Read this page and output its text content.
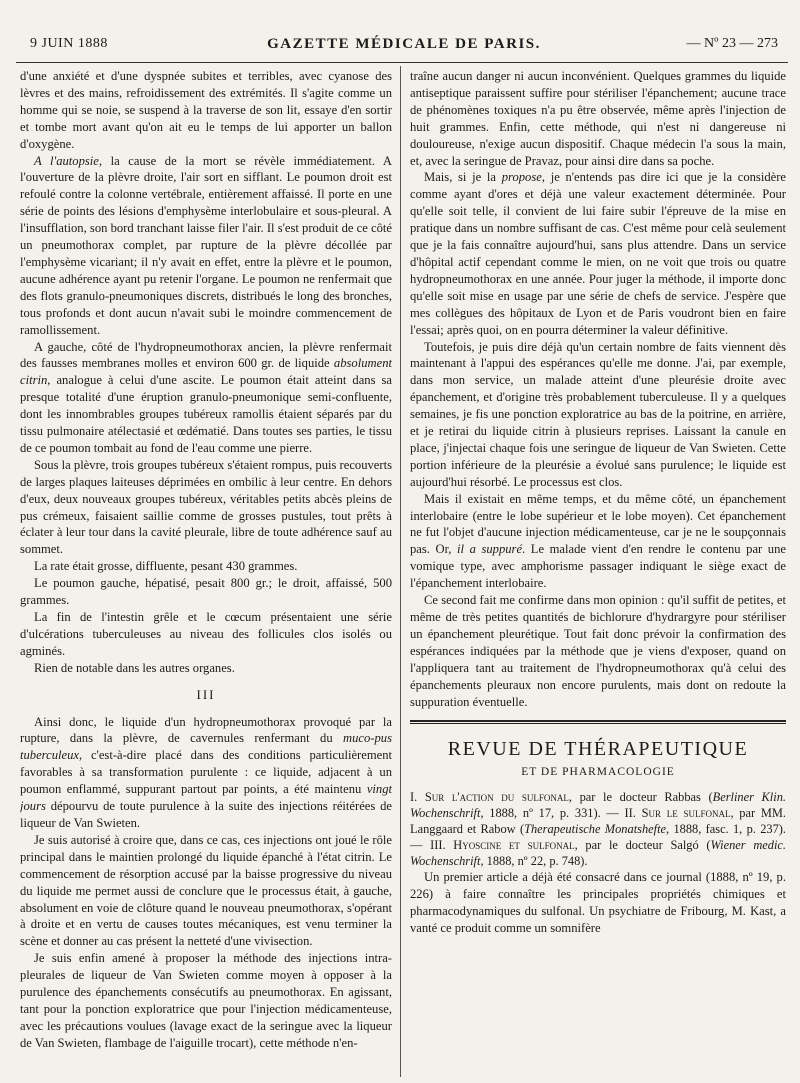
9 JUIN 1888	GAZETTE MÉDICALE DE PARIS.	— Nº 23 — 273

d'une anxiété et d'une dyspnée subites et terribles, avec cyanose des lèvres et des mains, refroidissement des extrémités. Il s'agite comme un homme qui se noie, se suspend à la traverse de son lit, essaye d'en sortir et tombe mort avant qu'on ait eu le temps de lui apporter un ballon d'oxygène.

A l'autopsie, la cause de la mort se révèle immédiatement. A l'ouverture de la plèvre droite, l'air sort en sifflant. Le poumon droit est refoulé contre la colonne vertébrale, entièrement affaissé. Il porte en une série de points des lésions d'emphysème interlobulaire et sous-pleural. A l'insufflation, son bord tranchant laisse filer l'air. Il s'est produit de ce côté un pneumothorax complet, par rupture de la plèvre décollée par l'emphysème vicariant; il n'y avait en effet, entre la plèvre et le poumon, aucune adhérence ayant pu retenir l'organe. Le poumon ne renfermait que des flots granulo-pneumoniques discrets, distribués le long des bronches, tous profonds et dont aucun n'avait subi le moindre commencement de ramollissement.

A gauche, côté de l'hydropneumothorax ancien, la plèvre renfermait des fausses membranes molles et environ 600 gr. de liquide absolument citrin, analogue à celui d'une ascite. Le poumon était atteint dans sa presque totalité d'une éruption granulo-pneumonique semi-confluente, dont les innombrables groupes tubéreux ramollis étaient séparés par du tissu pulmonaire atélectasié et œdématié. Dans toutes ses parties, le tissu de ce poumon tombait au fond de l'eau comme une pierre.

Sous la plèvre, trois groupes tubéreux s'étaient rompus, puis recouverts de larges plaques laiteuses déprimées en ombilic à leur centre. En dehors d'eux, deux nouveaux groupes tubéreux, véritables petits abcès pleins de pus crémeux, faisaient saillie comme de grosses pustules, tout prêts à éclater à leur tour dans la cavité pleurale, libre de toute adhérence sauf au sommet.

La rate était grosse, diffluente, pesant 430 grammes.

Le poumon gauche, hépatisé, pesait 800 gr.; le droit, affaissé, 500 grammes.

La fin de l'intestin grêle et le cœcum présentaient une série d'ulcérations tuberculeuses au niveau des follicules clos isolés ou agminés.

Rien de notable dans les autres organes.

III

Ainsi donc, le liquide d'un hydropneumothorax provoqué par la rupture, dans la plèvre, de cavernules renfermant du muco-pus tuberculeux, c'est-à-dire placé dans des conditions particulièrement favorables à sa transformation purulente : ce liquide, adjacent à un poumon enflammé, suppurant partout par points, a été maintenu vingt jours dépourvu de toute purulence à la suite des injections réitérées de liqueur de Van Swieten.

Je suis autorisé à croire que, dans ce cas, ces injections ont joué le rôle principal dans le maintien prolongé du liquide épanché à l'état citrin. Le commencement de résorption accusé par la baisse progressive du niveau du liquide me permet aussi de conclure que le processus était, à gauche, absolument en voie de clôture quand le nouveau pneumothorax, s'opérant à droite et en vertu de causes toutes mécaniques, est venu terminer la scène et donner au cas présent la netteté d'une vivisection.

Je suis enfin amené à proposer la méthode des injections intra-pleurales de liqueur de Van Swieten comme moyen à opposer à la purulence des épanchements consécutifs au pneumothorax. En agissant, tant pour la ponction exploratrice que pour l'injection médicamenteuse, avec les précautions voulues (lavage exact de la seringue avec la liqueur de Van Swieten, flambage de l'aiguille trocart), cette méthode n'en-

traîne aucun danger ni aucun inconvénient. Quelques grammes du liquide antiseptique paraissent suffire pour stériliser l'épanchement; aucune trace de phénomènes toxiques n'a pu être observée, même après l'injection de huit grammes. Enfin, cette méthode, qui n'est ni dangereuse ni douloureuse, n'exige aucun dispositif. Chaque médecin l'a sous la main, et, avec la seringue de Pravaz, pour ainsi dire dans sa poche.

Mais, si je la propose, je n'entends pas dire ici que je la considère comme ayant d'ores et déjà une valeur exactement déterminée. Pour qu'elle soit telle, il convient de lui faire subir l'épreuve de la mise en pratique dans un nombre suffisant de cas. C'est même pour celà seulement que je la fais connaître aujourd'hui, sans plus attendre. Dans un service d'hôpital actif cependant comme le mien, on ne voit que trois ou quatre hydropneumothorax en une année. Pour juger la méthode, il importe donc qu'elle soit mise en usage par une série de chefs de service. J'espère que mes collègues des hôpitaux de Lyon et de Paris voudront bien en faire l'essai; après quoi, on en pourra déterminer la valeur définitive.

Toutefois, je puis dire déjà qu'un certain nombre de faits viennent dès maintenant à l'appui des espérances qu'elle me donne. J'ai, par exemple, dans mon service, un malade atteint d'une pleurésie droite avec épanchement, et d'origine très probablement tuberculeuse. Il y a quelques semaines, je fis une ponction exploratrice au bas de la poitrine, en arrière, et je retirai du liquide citrin à plusieurs reprises. Laissant la canule en place, j'injectai chaque fois une seringue de liqueur de Van Swieten. Cette portion inférieure de la pleurésie a évolué sans purulence; le liquide est aujourd'hui résorbé. Le processus est clos.

Mais il existait en même temps, et du même côté, un épanchement interlobaire (entre le lobe supérieur et le lobe moyen). Cet épanchement ne fut l'objet d'aucune injection médicamenteuse, car je ne le soupçonnais pas. Or, il a suppuré. Le malade vient d'en rendre le contenu par une vomique type, avec amphorisme passager indiquant le siège exact de l'épanchement interlobaire.

Ce second fait me confirme dans mon opinion : qu'il suffit de petites, et même de très petites quantités de bichlorure d'hydrargyre pour stériliser un épanchement pleurétique. Tout fait donc prévoir la confirmation des espérances indiquées par la méthode que je viens d'exposer, quand on l'appliquera tant au traitement de l'hydropneumothorax qu'à celui des épanchements pleuraux non encore purulents, mais dont on redoute la suppuration éventuelle.

REVUE DE THÉRAPEUTIQUE
ET DE PHARMACOLOGIE

I. Sur l'action du sulfonal, par le docteur Rabbas (Berliner Klin. Wochenschrift, 1888, nº 17, p. 331). — II. Sur le sulfonal, par MM. Langgaard et Rabow (Therapeutische Monatshefte, 1888, fasc. 1, p. 237). — III. Hyoscine et sulfonal, par le docteur Salgó (Wiener medic. Wochenschrift, 1888, nº 22, p. 748).

Un premier article a déjà été consacré dans ce journal (1888, nº 19, p. 226) à faire connaître les principales propriétés chimiques et pharmacodynamiques du sulfonal. Un psychiatre de Fribourg, M. Kast, a vanté ce produit comme un somnifère
